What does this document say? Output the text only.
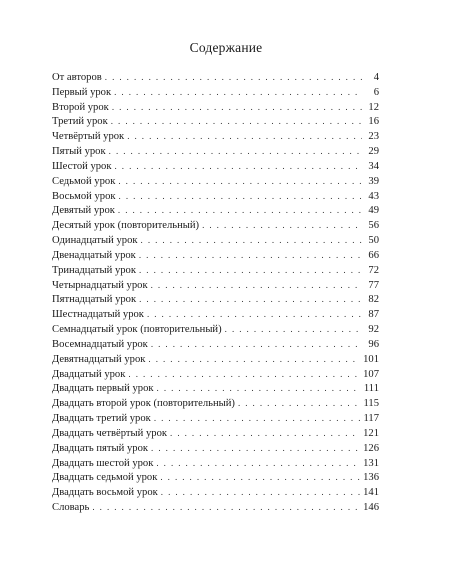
Содержание
От авторов . . .	4
Первый урок . . .	6
Второй урок . . .	12
Третий урок . . .	16
Четвёртый урок . . .	23
Пятый урок . . .	29
Шестой урок . . .	34
Седьмой урок . . .	39
Восьмой урок . . .	43
Девятый урок . . .	49
Десятый урок (повторительный) . . .	56
Одинадцатый урок . . .	50
Двенадцатый урок . . .	66
Тринадцатый урок . . .	72
Четырнадцатый урок . . .	77
Пятнадцатый урок . . .	82
Шестнадцатый урок . . .	87
Семнадцатый урок (повторительный) . . .	92
Восемнадцатый урок . . .	96
Девятнадцатый урок . . .	101
Двадцатый урок . . .	107
Двадцать первый урок . . .	111
Двадцать второй урок (повторительный) . . .	115
Двадцать третий урок . . .	117
Двадцать четвёртый урок . . .	121
Двадцать пятый урок . . .	126
Двадцать шестой урок . . .	131
Двадцать седьмой урок . . .	136
Двадцать восьмой урок . . .	141
Словарь . . .	146
